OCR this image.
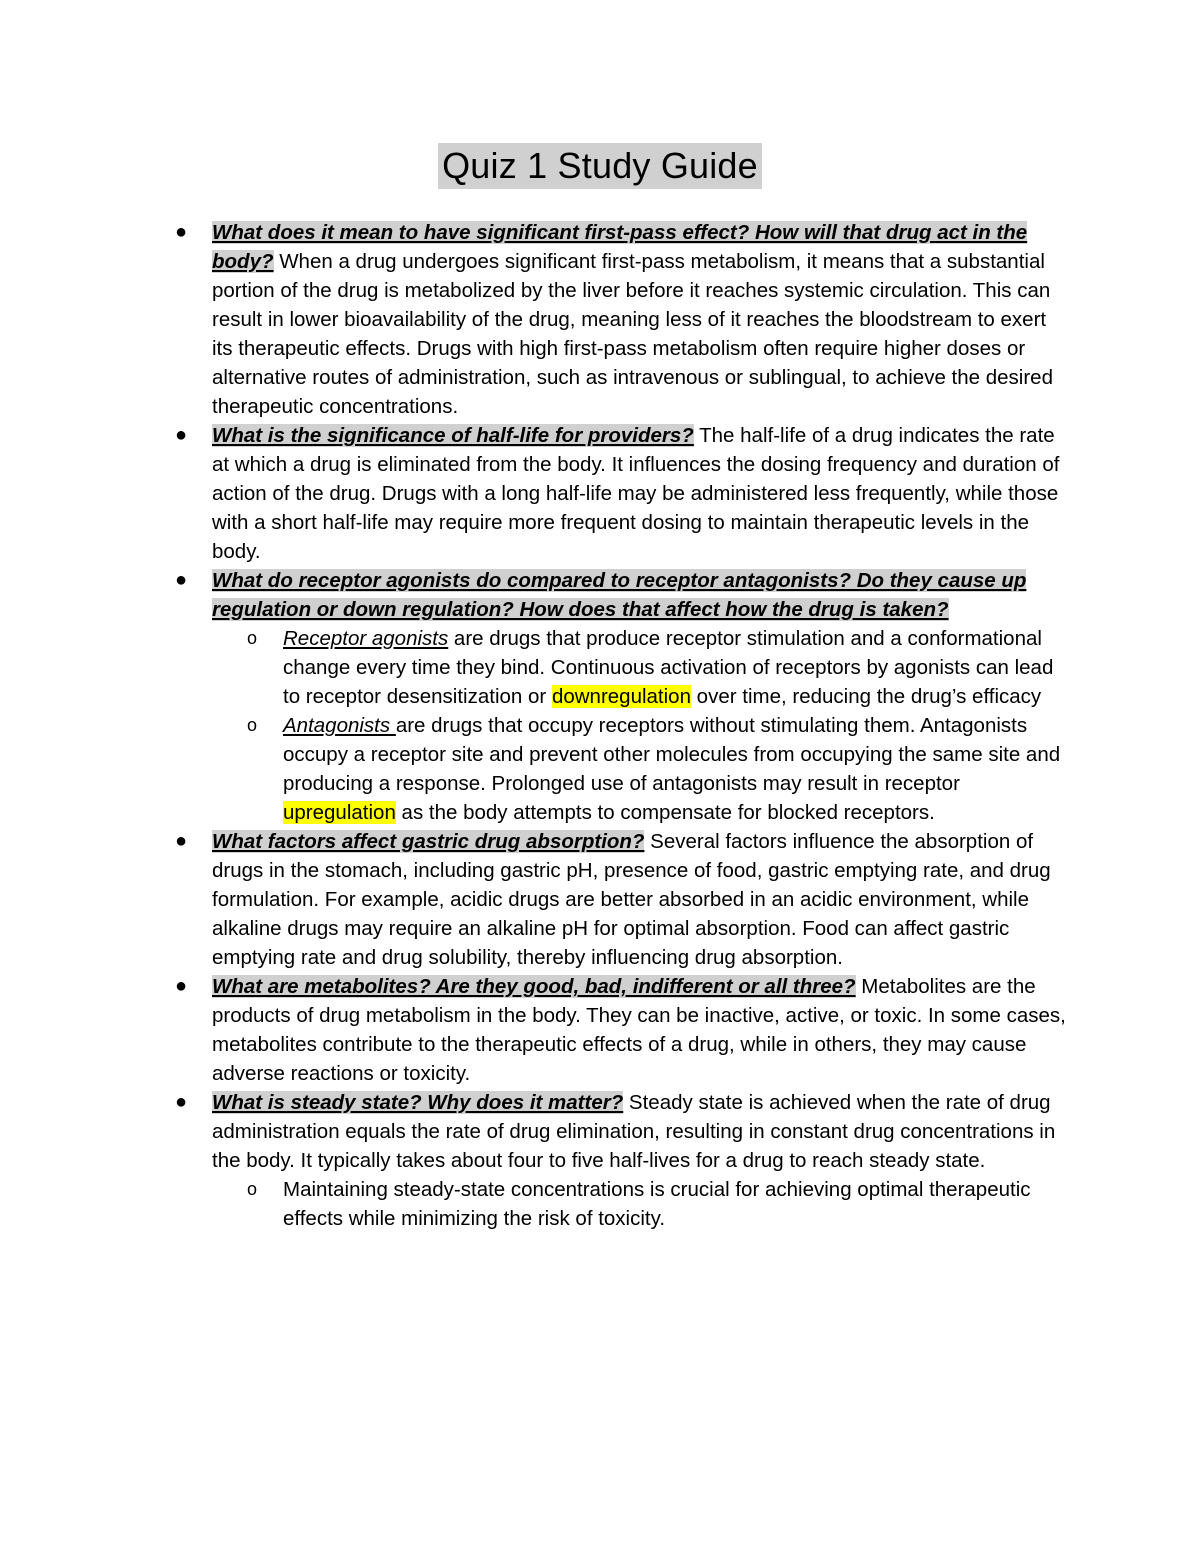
Quiz 1 Study Guide
● What does it mean to have significant first-pass effect? How will that drug act in the body? When a drug undergoes significant first-pass metabolism, it means that a substantial portion of the drug is metabolized by the liver before it reaches systemic circulation. This can result in lower bioavailability of the drug, meaning less of it reaches the bloodstream to exert its therapeutic effects. Drugs with high first-pass metabolism often require higher doses or alternative routes of administration, such as intravenous or sublingual, to achieve the desired therapeutic concentrations.
● What is the significance of half-life for providers? The half-life of a drug indicates the rate at which a drug is eliminated from the body. It influences the dosing frequency and duration of action of the drug. Drugs with a long half-life may be administered less frequently, while those with a short half-life may require more frequent dosing to maintain therapeutic levels in the body.
● What do receptor agonists do compared to receptor antagonists? Do they cause up regulation or down regulation? How does that affect how the drug is taken?
o Receptor agonists are drugs that produce receptor stimulation and a conformational change every time they bind. Continuous activation of receptors by agonists can lead to receptor desensitization or downregulation over time, reducing the drug’s efficacy
o Antagonists are drugs that occupy receptors without stimulating them. Antagonists occupy a receptor site and prevent other molecules from occupying the same site and producing a response. Prolonged use of antagonists may result in receptor upregulation as the body attempts to compensate for blocked receptors.
● What factors affect gastric drug absorption? Several factors influence the absorption of drugs in the stomach, including gastric pH, presence of food, gastric emptying rate, and drug formulation. For example, acidic drugs are better absorbed in an acidic environment, while alkaline drugs may require an alkaline pH for optimal absorption. Food can affect gastric emptying rate and drug solubility, thereby influencing drug absorption.
● What are metabolites? Are they good, bad, indifferent or all three? Metabolites are the products of drug metabolism in the body. They can be inactive, active, or toxic. In some cases, metabolites contribute to the therapeutic effects of a drug, while in others, they may cause adverse reactions or toxicity.
● What is steady state? Why does it matter? Steady state is achieved when the rate of drug administration equals the rate of drug elimination, resulting in constant drug concentrations in the body. It typically takes about four to five half-lives for a drug to reach steady state.
o Maintaining steady-state concentrations is crucial for achieving optimal therapeutic effects while minimizing the risk of toxicity.
